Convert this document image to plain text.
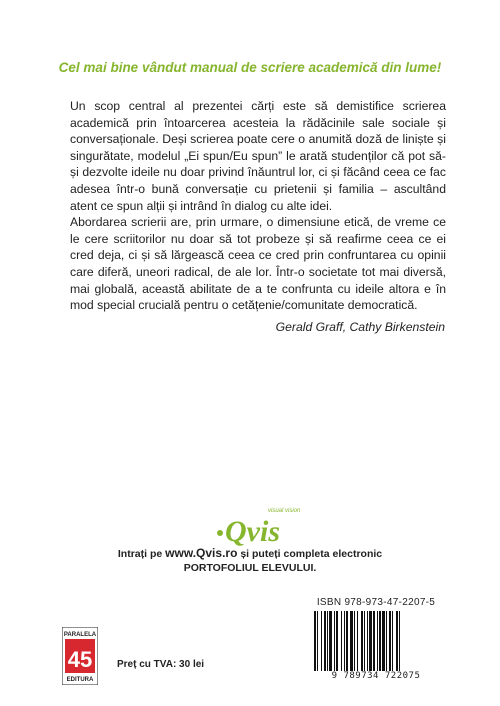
Cel mai bine vândut manual de scriere academică din lume!

Un scop central al prezentei cărți este să demistifice scrierea academică prin întoarcerea acesteia la rădăcinile sale sociale și conversaționale. Deși scrierea poate cere o anumită doză de liniște și singurătate, modelul „Ei spun/Eu spun” le arată studenților că pot să-și dezvolte ideile nu doar privind înăuntrul lor, ci și făcând ceea ce fac adesea într-o bună conversație cu prietenii și familia – ascultând atent ce spun alții și intrând în dialog cu alte idei.

Abordarea scrierii are, prin urmare, o dimensiune etică, de vreme ce le cere scriitorilor nu doar să tot probeze și să reafirme ceea ce ei cred deja, ci și să lărgească ceea ce cred prin confruntarea cu opinii care diferă, uneori radical, de ale lor. Într-o societate tot mai diversă, mai globală, această abilitate de a te confrunta cu ideile altora e în mod special crucială pentru o cetățenie/comunitate democratică.

Gerald Graff, Cathy Birkenstein
visual vision
Qvis
Intrați pe www.Qvis.ro și puteți completa electronic
PORTOFOLIUL ELEVULUI.
ISBN 978-973-47-2207-5
9 789734 722075
PARALELA
45
EDITURA
Preț cu TVA: 30 lei
